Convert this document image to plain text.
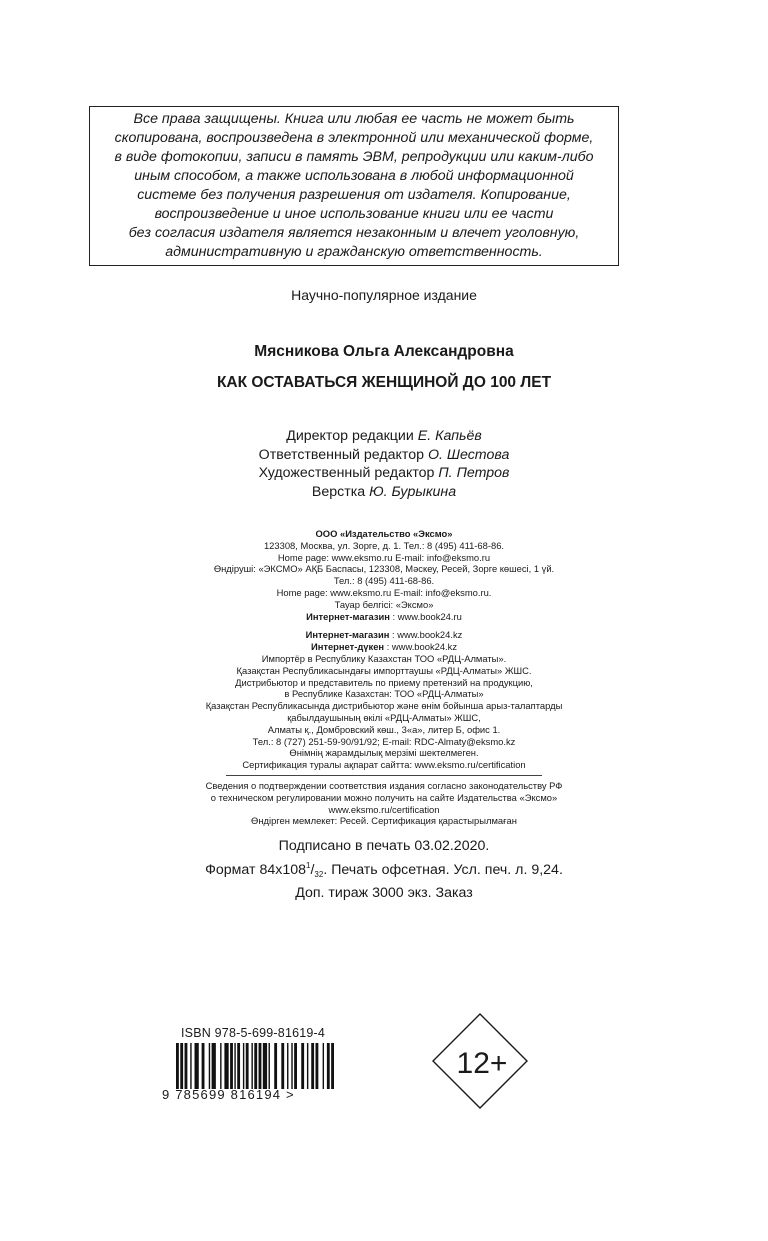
Все права защищены. Книга или любая ее часть не может быть
скопирована, воспроизведена в электронной или механической форме,
в виде фотокопии, записи в память ЭВМ, репродукции или каким-либо
иным способом, а также использована в любой информационной
системе без получения разрешения от издателя. Копирование,
воспроизведение и иное использование книги или ее части
без согласия издателя является незаконным и влечет уголовную,
административную и гражданскую ответственность.
Научно-популярное издание
Мясникова Ольга Александровна
КАК ОСТАВАТЬСЯ ЖЕНЩИНОЙ ДО 100 ЛЕТ
Директор редакции Е. Капьёв
Ответственный редактор О. Шестова
Художественный редактор П. Петров
Верстка Ю. Бурыкина
ООО «Издательство «Эксмо»
123308, Москва, ул. Зорге, д. 1. Тел.: 8 (495) 411-68-86.
Home page: www.eksmo.ru E-mail: info@eksmo.ru
Өндіруші: «ЭКСМО» АҚБ Баспасы, 123308, Мәскеу, Ресей, Зорге көшесі, 1 үй.
Тел.: 8 (495) 411-68-86.
Home page: www.eksmo.ru E-mail: info@eksmo.ru.
Тауар белгісі: «Эксмо»
Интернет-магазин : www.book24.ru
Интернет-магазин : www.book24.kz
Интернет-дүкен : www.book24.kz
Импортёр в Республику Казахстан ТОО «РДЦ-Алматы».
Қазақстан Республикасындағы импорттаушы «РДЦ-Алматы» ЖШС.
Дистрибьютор и представитель по приему претензий на продукцию,
в Республике Казахстан: ТОО «РДЦ-Алматы»
Қазақстан Республикасында дистрибьютор және өнім бойынша арыз-талаптарды
қабылдаушының өкілі «РДЦ-Алматы» ЖШС,
Алматы қ., Домбровский көш., 3«а», литер Б, офис 1.
Тел.: 8 (727) 251-59-90/91/92; E-mail: RDC-Almaty@eksmo.kz
Өнімнің жарамдылық мерзімі шектелмеген.
Сертификация туралы ақпарат сайтта: www.eksmo.ru/certification
Сведения о подтверждении соответствия издания согласно законодательству РФ
о техническом регулировании можно получить на сайте Издательства «Эксмо»
www.eksmo.ru/certification
Өндірген мемлекет: Ресей. Сертификация қарастырылмаған
Подписано в печать 03.02.2020.
Формат $84x108^1/_{32}$. Печать офсетная. Усл. печ. л. 9,24.
Доп. тираж 3000 экз. Заказ
ISBN 978-5-699-81619-4
9 785699 816194 >
12+
